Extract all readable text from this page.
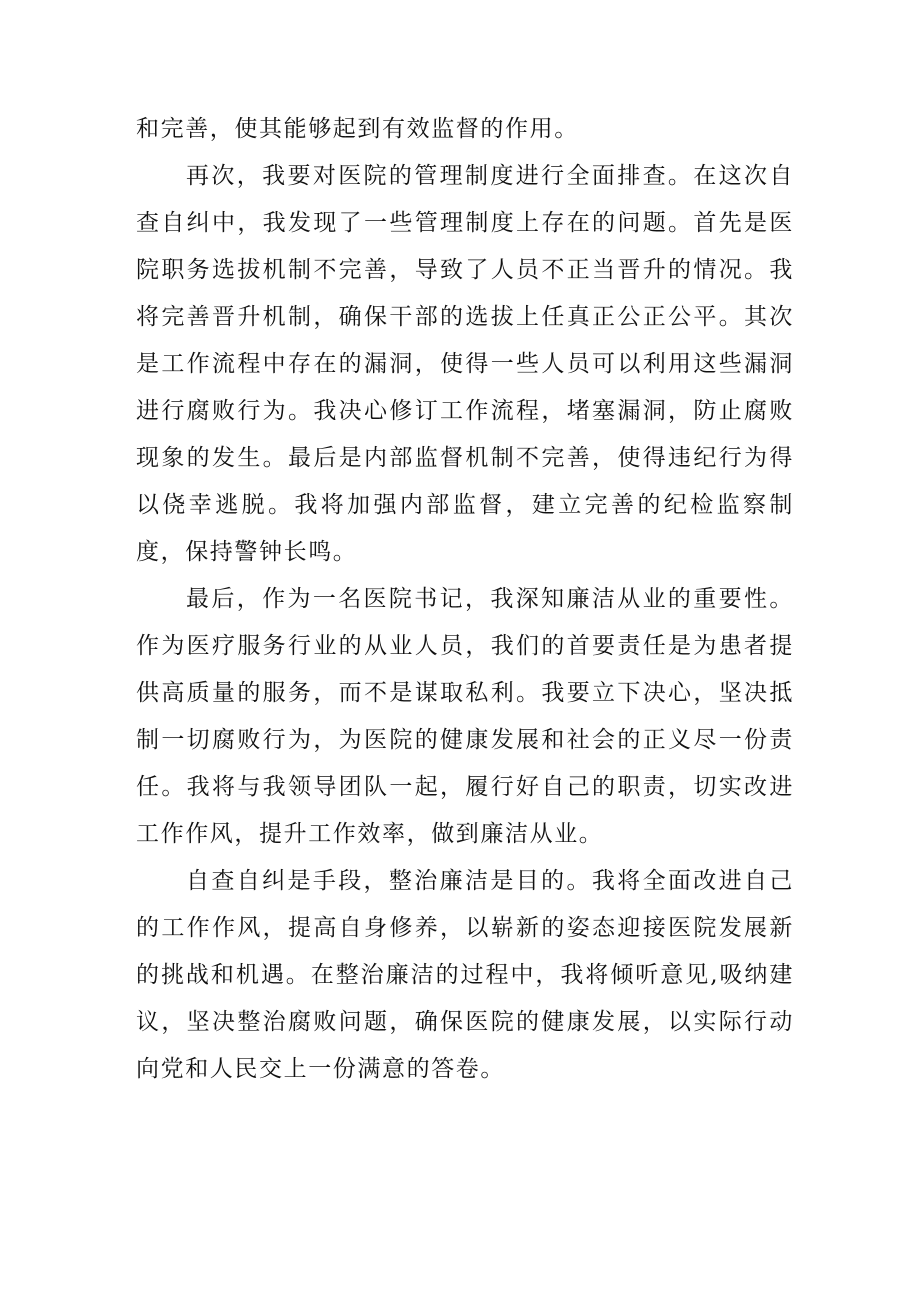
和完善，使其能够起到有效监督的作用。

再次，我要对医院的管理制度进行全面排查。在这次自查自纠中，我发现了一些管理制度上存在的问题。首先是医院职务选拔机制不完善，导致了人员不正当晋升的情况。我将完善晋升机制，确保干部的选拔上任真正公正公平。其次是工作流程中存在的漏洞，使得一些人员可以利用这些漏洞进行腐败行为。我决心修订工作流程，堵塞漏洞，防止腐败现象的发生。最后是内部监督机制不完善，使得违纪行为得以侥幸逃脱。我将加强内部监督，建立完善的纪检监察制度，保持警钟长鸣。

最后，作为一名医院书记，我深知廉洁从业的重要性。作为医疗服务行业的从业人员，我们的首要责任是为患者提供高质量的服务，而不是谋取私利。我要立下决心，坚决抵制一切腐败行为，为医院的健康发展和社会的正义尽一份责任。我将与我领导团队一起，履行好自己的职责，切实改进工作作风，提升工作效率，做到廉洁从业。

自查自纠是手段，整治廉洁是目的。我将全面改进自己的工作作风，提高自身修养，以崭新的姿态迎接医院发展新的挑战和机遇。在整治廉洁的过程中，我将倾听意见,吸纳建议，坚决整治腐败问题，确保医院的健康发展，以实际行动向党和人民交上一份满意的答卷。
